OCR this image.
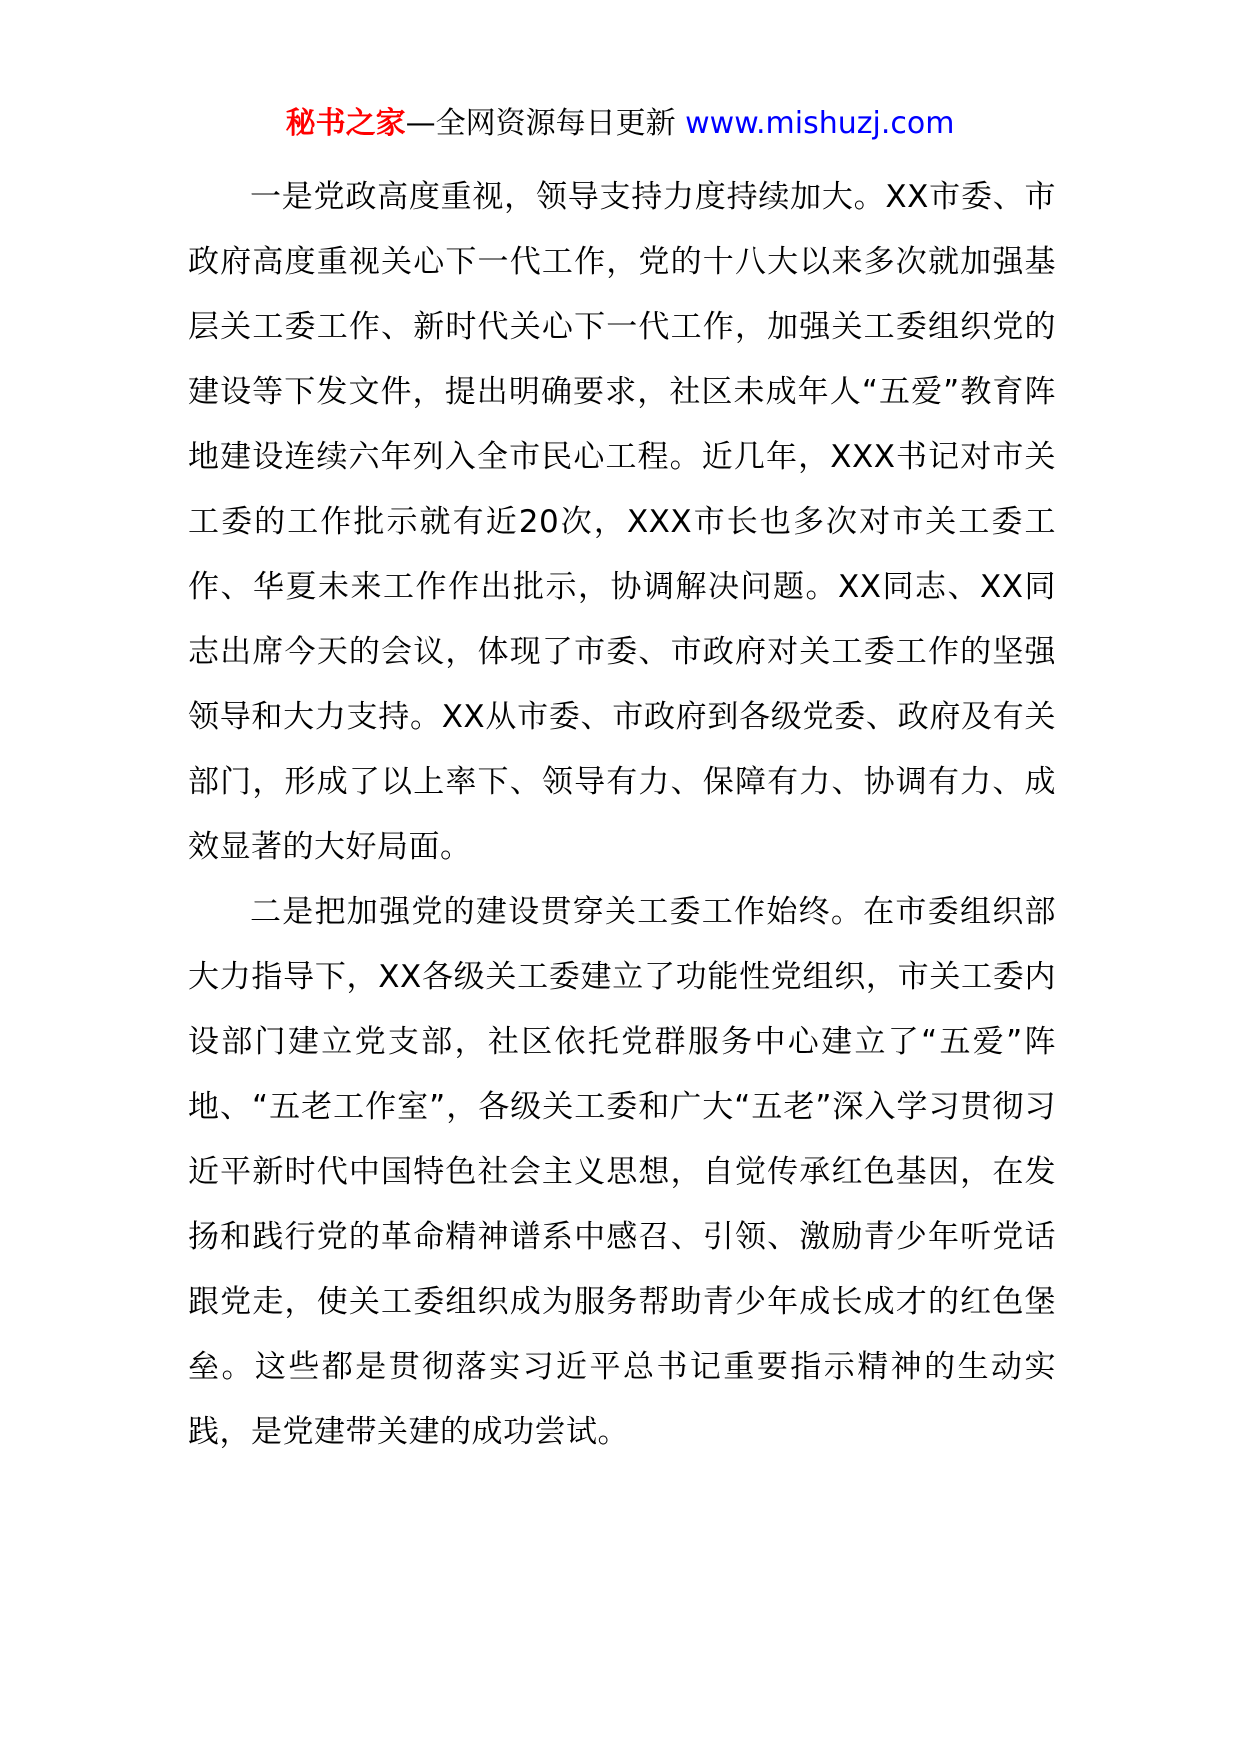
秘书之家—全网资源每日更新 www.mishuzj.com

一是党政高度重视，领导支持力度持续加大。XX市委、市政府高度重视关心下一代工作，党的十八大以来多次就加强基层关工委工作、新时代关心下一代工作，加强关工委组织党的建设等下发文件，提出明确要求，社区未成年人“五爱”教育阵地建设连续六年列入全市民心工程。近几年，XXX书记对市关工委的工作批示就有近20次，XXX市长也多次对市关工委工作、华夏未来工作作出批示，协调解决问题。XX同志、XX同志出席今天的会议，体现了市委、市政府对关工委工作的坚强领导和大力支持。XX从市委、市政府到各级党委、政府及有关部门，形成了以上率下、领导有力、保障有力、协调有力、成效显著的大好局面。

二是把加强党的建设贯穿关工委工作始终。在市委组织部大力指导下，XX各级关工委建立了功能性党组织，市关工委内设部门建立党支部，社区依托党群服务中心建立了“五爱”阵地、“五老工作室”，各级关工委和广大“五老”深入学习贯彻习近平新时代中国特色社会主义思想，自觉传承红色基因，在发扬和践行党的革命精神谱系中感召、引领、激励青少年听党话跟党走，使关工委组织成为服务帮助青少年成长成才的红色堡垒。这些都是贯彻落实习近平总书记重要指示精神的生动实践，是党建带关建的成功尝试。
